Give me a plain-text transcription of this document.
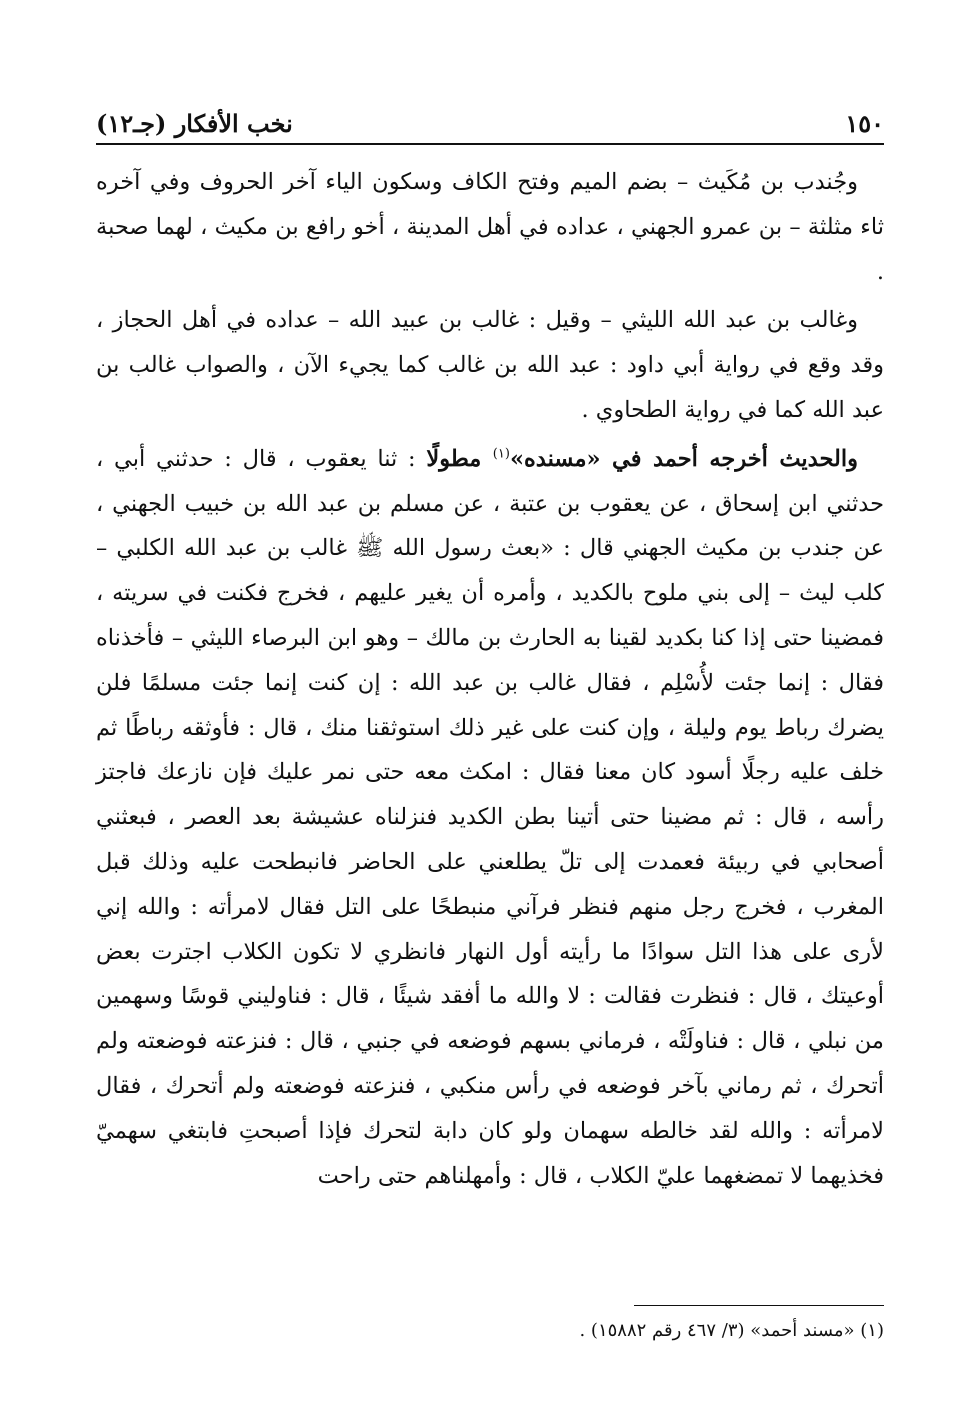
١٥٠
نخب الأفكار (جـ١٢)

وجُندب بن مُكَيث – بضم الميم وفتح الكاف وسكون الياء آخر الحروف وفي آخره ثاء مثلثة – بن عمرو الجهني ، عداده في أهل المدينة ، أخو رافع بن مكيث ، لهما صحبة .

وغالب بن عبد الله الليثي – وقيل : غالب بن عبيد الله – عداده في أهل الحجاز ، وقد وقع في رواية أبي داود : عبد الله بن غالب كما يجيء الآن ، والصواب غالب بن عبد الله كما في رواية الطحاوي .

والحديث أخرجه أحمد في «مسنده»$^{(١)}$ مطولًا : ثنا يعقوب ، قال : حدثني أبي ، حدثني ابن إسحاق ، عن يعقوب بن عتبة ، عن مسلم بن عبد الله بن خبيب الجهني ، عن جندب بن مكيث الجهني قال : «بعث رسول الله ﷺ غالب بن عبد الله الكلبي – كلب ليث – إلى بني ملوح بالكديد ، وأمره أن يغير عليهم ، فخرج فكنت في سريته ، فمضينا حتى إذا كنا بكديد لقينا به الحارث بن مالك – وهو ابن البرصاء الليثي – فأخذناه فقال : إنما جئت لأُسْلِم ، فقال غالب بن عبد الله : إن كنت إنما جئت مسلمًا فلن يضرك رباط يوم وليلة ، وإن كنت على غير ذلك استوثقنا منك ، قال : فأوثقه رباطًا ثم خلف عليه رجلًا أسود كان معنا فقال : امكث معه حتى نمر عليك فإن نازعك فاجتز رأسه ، قال : ثم مضينا حتى أتينا بطن الكديد فنزلناه عشيشة بعد العصر ، فبعثني أصحابي في ربيئة فعمدت إلى تلّ يطلعني على الحاضر فانبطحت عليه وذلك قبل المغرب ، فخرج رجل منهم فنظر فرآني منبطحًا على التل فقال لامرأته : والله إني لأرى على هذا التل سوادًا ما رأيته أول النهار فانظري لا تكون الكلاب اجترت بعض أوعيتك ، قال : فنظرت فقالت : لا والله ما أفقد شيئًا ، قال : فناوليني قوسًا وسهمين من نبلي ، قال : فناولَتْه ، فرماني بسهم فوضعه في جنبي ، قال : فنزعته فوضعته ولم أتحرك ، ثم رماني بآخر فوضعه في رأس منكبي ، فنزعته فوضعته ولم أتحرك ، فقال لامرأته : والله لقد خالطه سهمان ولو كان دابة لتحرك فإذا أصبحتِ فابتغي سهميّ فخذيهما لا تمضغهما عليّ الكلاب ، قال : وأمهلناهم حتى راحت

(١) «مسند أحمد» (٣/ ٤٦٧ رقم ١٥٨٨٢) .
